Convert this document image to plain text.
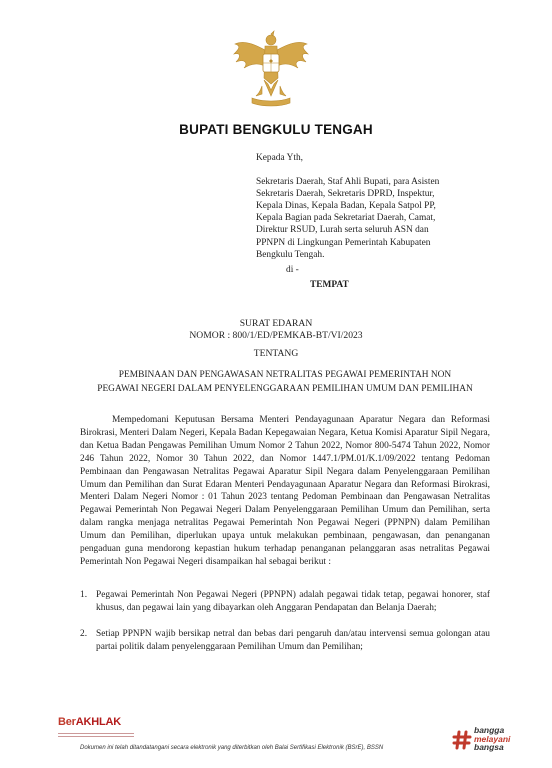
BUPATI BENGKULU TENGAH
Kepada Yth,
Sekretaris Daerah, Staf Ahli Bupati, para Asisten
Sekretaris Daerah, Sekretaris DPRD, Inspektur,
Kepala Dinas, Kepala Badan, Kepala Satpol PP,
Kepala Bagian pada Sekretariat Daerah, Camat,
Direktur RSUD, Lurah serta seluruh ASN dan
PPNPN di Lingkungan Pemerintah Kabupaten
Bengkulu Tengah.
di -
TEMPAT
SURAT EDARAN
NOMOR : 800/1/ED/PEMKAB-BT/VI/2023
TENTANG
PEMBINAAN DAN PENGAWASAN NETRALITAS PEGAWAI PEMERINTAH NON
PEGAWAI NEGERI DALAM PENYELENGGARAAN PEMILIHAN UMUM DAN PEMILIHAN
Mempedomani Keputusan Bersama Menteri Pendayagunaan Aparatur Negara dan Reformasi Birokrasi, Menteri Dalam Negeri, Kepala Badan Kepegawaian Negara, Ketua Komisi Aparatur Sipil Negara, dan Ketua Badan Pengawas Pemilihan Umum Nomor 2 Tahun 2022, Nomor 800-5474 Tahun 2022, Nomor 246 Tahun 2022, Nomor 30 Tahun 2022, dan Nomor 1447.1/PM.01/K.1/09/2022 tentang Pedoman Pembinaan dan Pengawasan Netralitas Pegawai Aparatur Sipil Negara dalam Penyelenggaraan Pemilihan Umum dan Pemilihan dan Surat Edaran Menteri Pendayagunaan Aparatur Negara dan Reformasi Birokrasi, Menteri Dalam Negeri Nomor : 01 Tahun 2023 tentang Pedoman Pembinaan dan Pengawasan Netralitas Pegawai Pemerintah Non Pegawai Negeri Dalam Penyelenggaraan Pemilihan Umum dan Pemilihan, serta dalam rangka menjaga netralitas Pegawai Pemerintah Non Pegawai Negeri (PPNPN) dalam Pemilihan Umum dan Pemilihan, diperlukan upaya untuk melakukan pembinaan, pengawasan, dan penanganan pengaduan guna mendorong kepastian hukum terhadap penanganan pelanggaran asas netralitas Pegawai Pemerintah Non Pegawai Negeri disampaikan hal sebagai berikut :
1. Pegawai Pemerintah Non Pegawai Negeri (PPNPN) adalah pegawai tidak tetap, pegawai honorer, staf khusus, dan pegawai lain yang dibayarkan oleh Anggaran Pendapatan dan Belanja Daerah;
2. Setiap PPNPN wajib bersikap netral dan bebas dari pengaruh dan/atau intervensi semua golongan atau partai politik dalam penyelenggaraan Pemilihan Umum dan Pemilihan;
BerAKHLAK
Dokumen ini telah ditandatangani secara elektronik yang diterbitkan oleh Balai Sertifikasi Elektronik (BSrE), BSSN
bangga
melayani
bangsa
